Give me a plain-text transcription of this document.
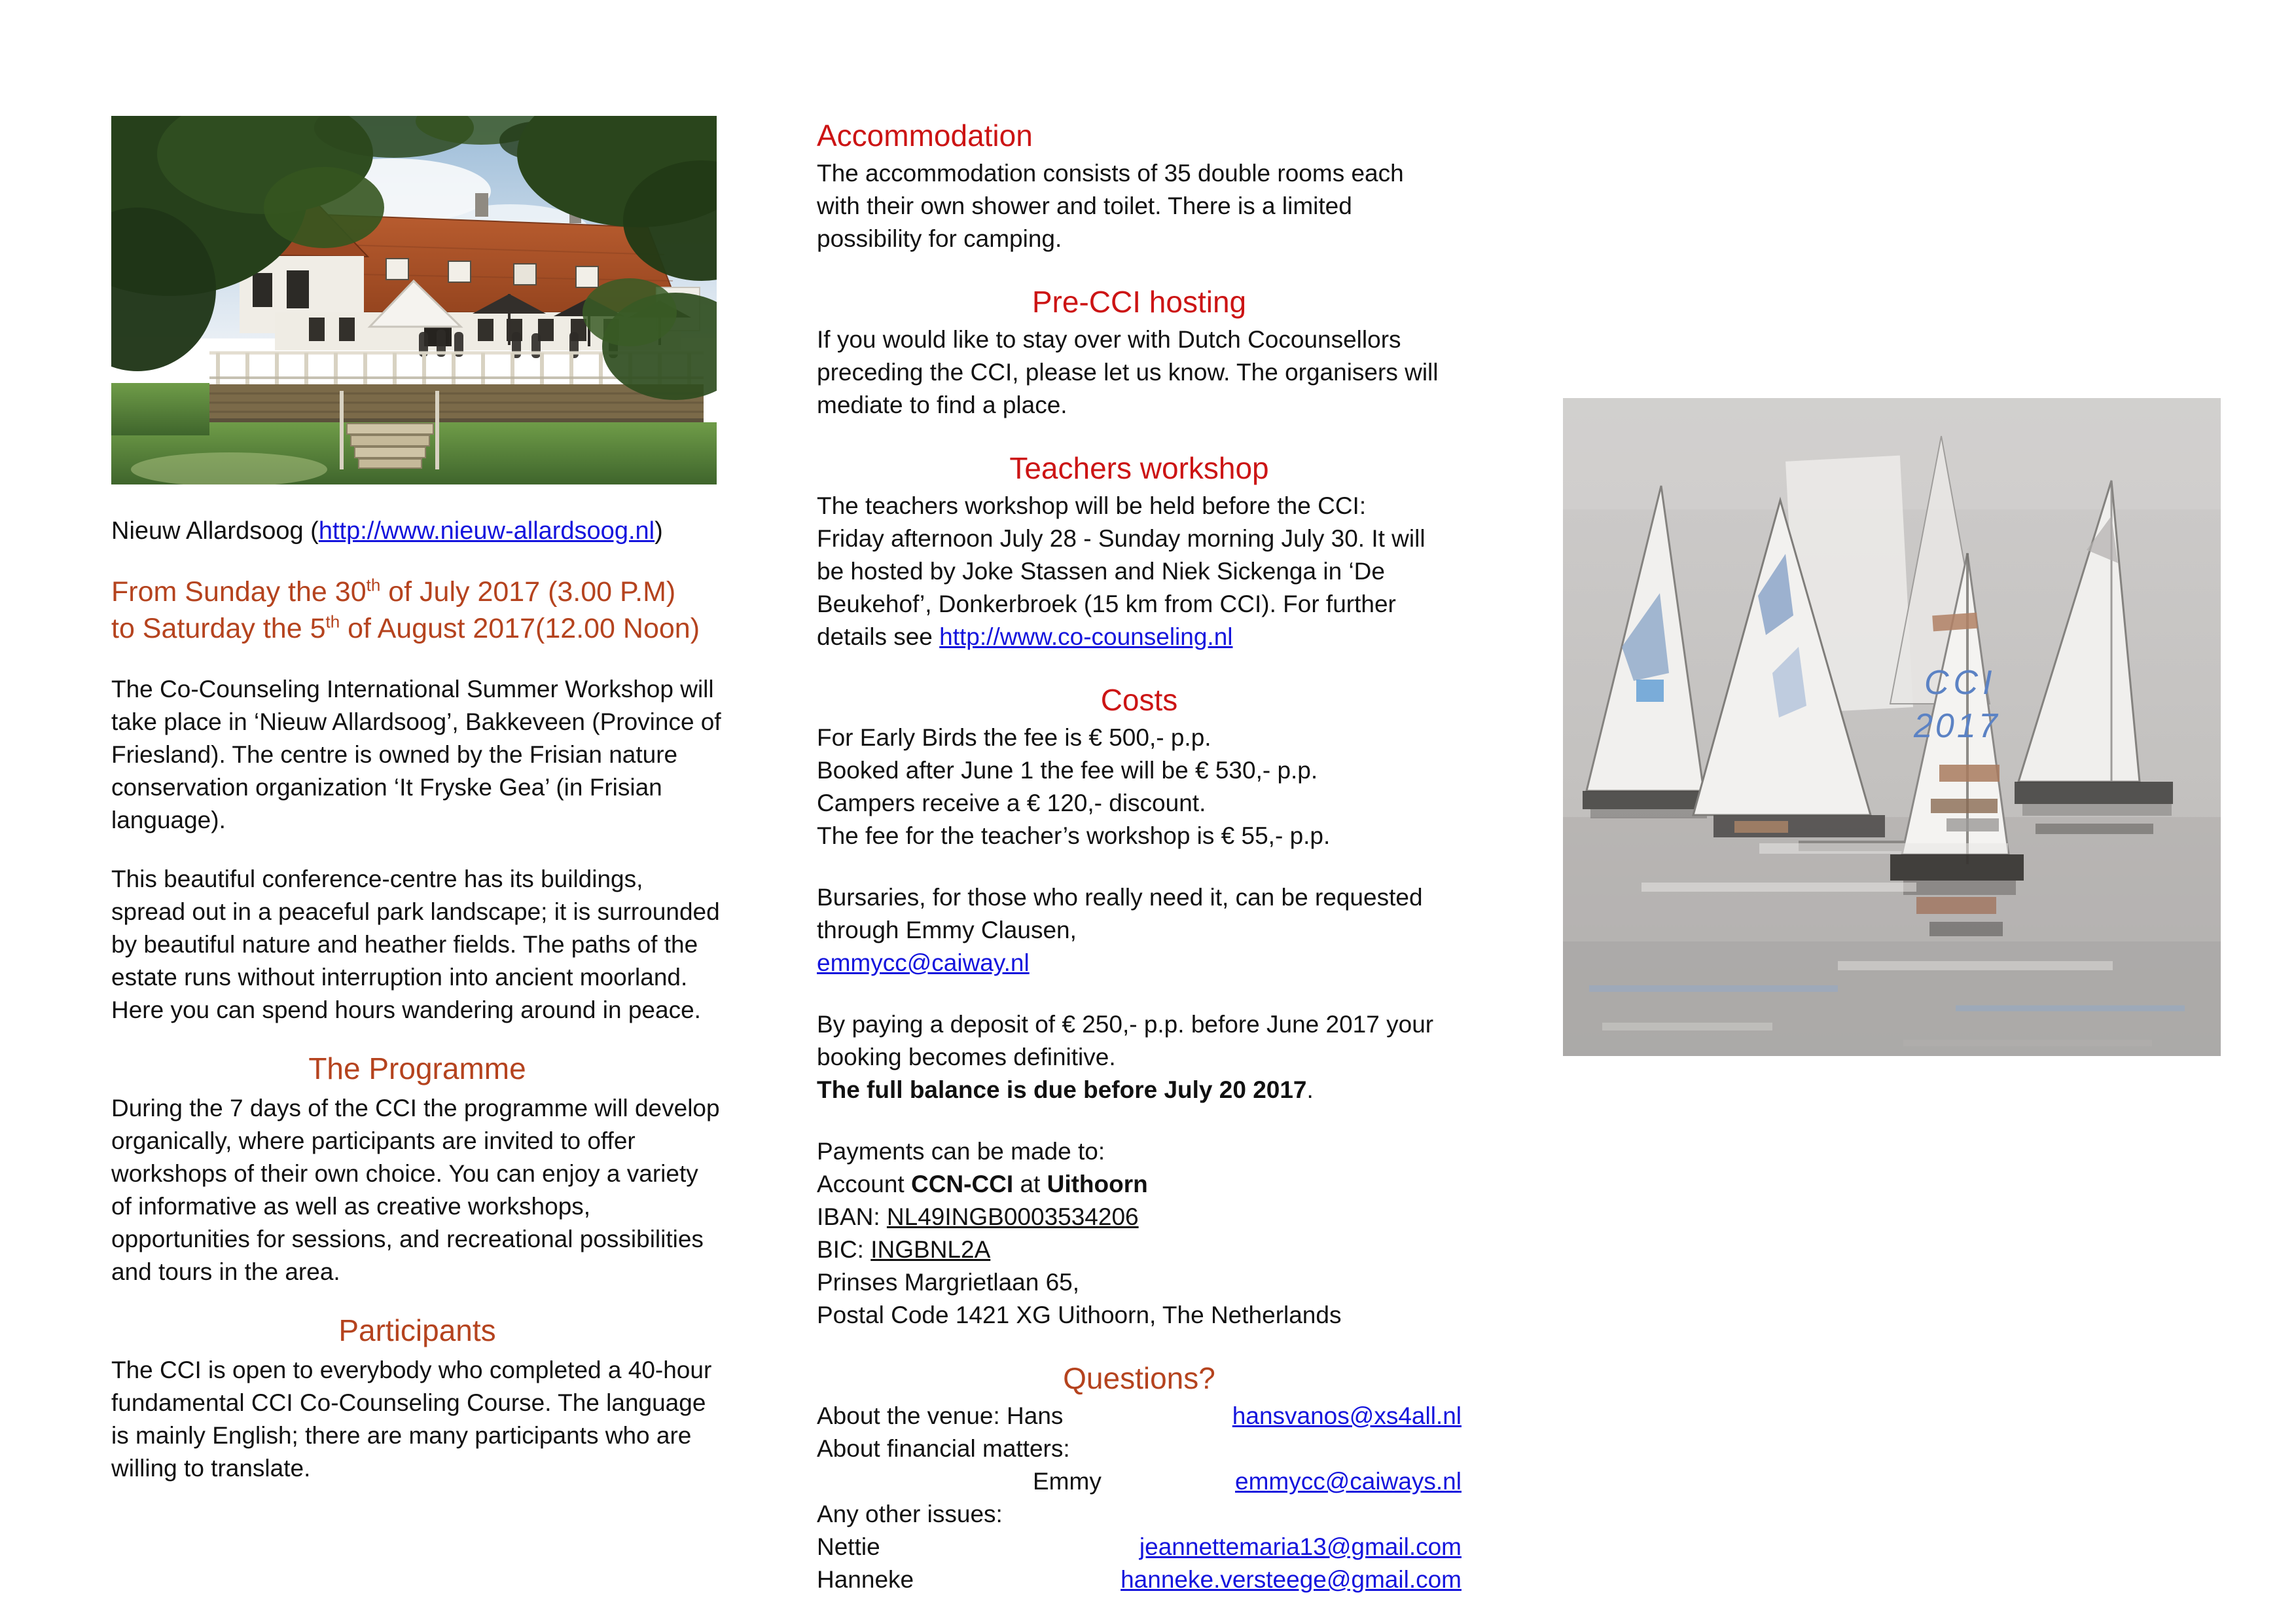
Nieuw Allardsoog (http://www.nieuw-allardsoog.nl)
From Sunday the 30th of July 2017 (3.00 P.M)
to Saturday the 5th of August 2017(12.00 Noon)

The Co-Counseling International Summer Workshop will take place in ‘Nieuw Allardsoog’, Bakkeveen (Province of Friesland). The centre is owned by the Frisian nature conservation organization ‘It Fryske Gea’ (in Frisian language).

This beautiful conference-centre has its buildings, spread out in a peaceful park landscape; it is surrounded by beautiful nature and heather fields. The paths of the estate runs without interruption into ancient moorland. Here you can spend hours wandering around in peace.

The Programme

During the 7 days of the CCI the programme will develop organically, where participants are invited to offer workshops of their own choice. You can enjoy a variety of informative as well as creative workshops, opportunities for sessions, and recreational possibilities and tours in the area.

Participants

The CCI is open to everybody who completed a 40-hour fundamental CCI Co-Counseling Course. The language is mainly English; there are many participants who are willing to translate.

Accommodation

The accommodation consists of 35 double rooms each with their own shower and toilet. There is a limited possibility for camping.

Pre-CCI hosting

If you would like to stay over with Dutch Cocounsellors preceding the CCI, please let us know. The organisers will mediate to find a place.

Teachers workshop

The teachers workshop will be held before the CCI: Friday afternoon July 28 - Sunday morning July 30. It will be hosted by Joke Stassen and Niek Sickenga in ‘De Beukehof’, Donkerbroek (15 km from CCI). For further details see http://www.co-counseling.nl

Costs
For Early Birds the fee is € 500,- p.p.
Booked after June 1 the fee will be € 530,- p.p.
Campers receive a € 120,- discount.
The fee for the teacher’s workshop is € 55,- p.p.

Bursaries, for those who really need it, can be requested through Emmy Clausen,

emmycc@caiway.nl

By paying a deposit of € 250,- p.p. before June 2017 your booking becomes definitive.

The full balance is due before July 20 2017.
Payments can be made to:
Account CCN-CCI at Uithoorn
IBAN: NL49INGB0003534206
BIC: INGBNL2A
Prinses Margrietlaan 65,
Postal Code 1421 XG Uithoorn, The Netherlands
Questions?
About the venue: Hans	hansvanos@xs4all.nl
About financial matters:
Emmy	emmycc@caiways.nl
Any other issues:
Nettie	jeannettemaria13@gmail.com
Hanneke	hanneke.versteege@gmail.com
CCI
2017
